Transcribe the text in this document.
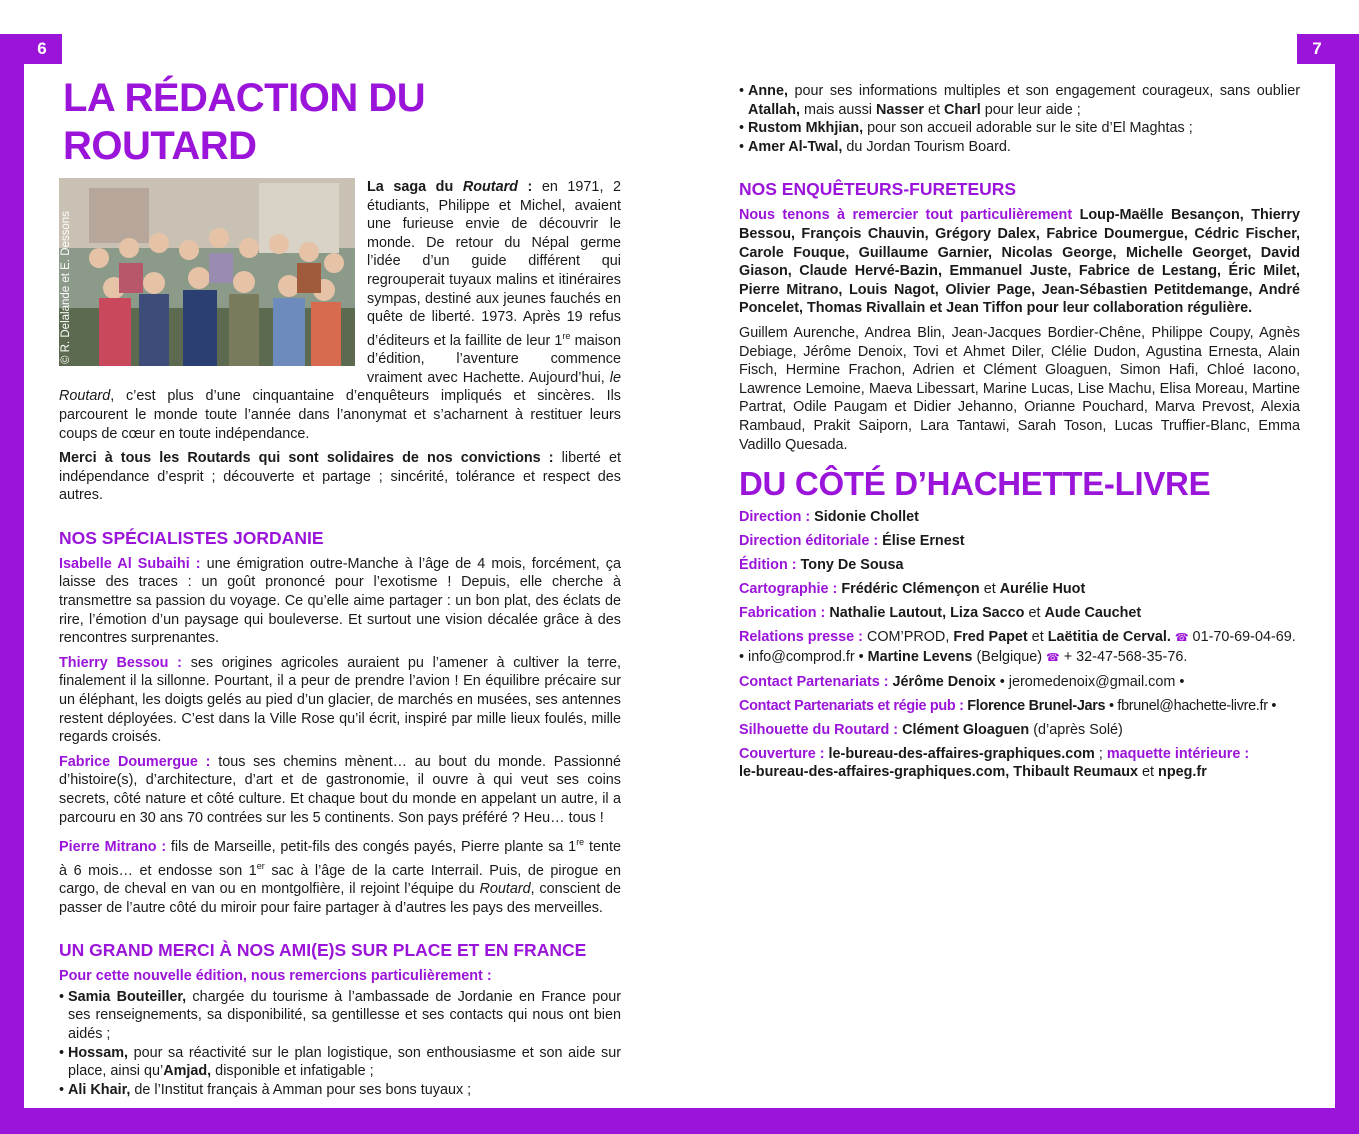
6	7
LA RÉDACTION DU ROUTARD
© R. Delalande et E. Dessons

La saga du Routard : en 1971, 2 étudiants, Philippe et Michel, avaient une furieuse envie de découvrir le monde. De retour du Népal germe l’idée d’un guide différent qui regrouperait tuyaux malins et itinéraires sympas, destiné aux jeunes fauchés en quête de liberté. 1973. Après 19 refus d’éditeurs et la faillite de leur 1re maison d’édition, l’aventure commence vraiment avec Hachette. Aujourd’hui, le Routard, c’est plus d’une cinquantaine d’enquêteurs impliqués et sincères. Ils parcourent le monde toute l’année dans l’anonymat et s’acharnent à restituer leurs coups de cœur en toute indépendance.

Merci à tous les Routards qui sont solidaires de nos convictions : liberté et indépendance d’esprit ; découverte et partage ; sincérité, tolérance et respect des autres.

NOS SPÉCIALISTES JORDANIE

Isabelle Al Subaihi : une émigration outre-Manche à l’âge de 4 mois, forcément, ça laisse des traces : un goût prononcé pour l’exotisme ! Depuis, elle cherche à transmettre sa passion du voyage. Ce qu’elle aime partager : un bon plat, des éclats de rire, l’émotion d’un paysage qui bouleverse. Et surtout une vision décalée grâce à des rencontres surprenantes.

Thierry Bessou : ses origines agricoles auraient pu l’amener à cultiver la terre, finalement il la sillonne. Pourtant, il a peur de prendre l’avion ! En équilibre précaire sur un éléphant, les doigts gelés au pied d’un glacier, de marchés en musées, ses antennes restent déployées. C’est dans la Ville Rose qu’il écrit, inspiré par mille lieux foulés, mille regards croisés.

Fabrice Doumergue : tous ses chemins mènent… au bout du monde. Passionné d’histoire(s), d’architecture, d’art et de gastronomie, il ouvre à qui veut ses coins secrets, côté nature et côté culture. Et chaque bout du monde en appelant un autre, il a parcouru en 30 ans 70 contrées sur les 5 continents. Son pays préféré ? Heu… tous !

Pierre Mitrano : fils de Marseille, petit-fils des congés payés, Pierre plante sa 1re tente à 6 mois… et endosse son 1er sac à l’âge de la carte Interrail. Puis, de pirogue en cargo, de cheval en van ou en montgolfière, il rejoint l’équipe du Routard, conscient de passer de l’autre côté du miroir pour faire partager à d’autres les pays des merveilles.

UN GRAND MERCI À NOS AMI(E)S SUR PLACE ET EN FRANCE
Pour cette nouvelle édition, nous remercions particulièrement :
• Samia Bouteiller, chargée du tourisme à l’ambassade de Jordanie en France pour ses renseignements, sa disponibilité, sa gentillesse et ses contacts qui nous ont bien aidés ;
• Hossam, pour sa réactivité sur le plan logistique, son enthousiasme et son aide sur place, ainsi qu’Amjad, disponible et infatigable ;
• Ali Khair, de l’Institut français à Amman pour ses bons tuyaux ;
• Anne, pour ses informations multiples et son engagement courageux, sans oublier Atallah, mais aussi Nasser et Charl pour leur aide ;
• Rustom Mkhjian, pour son accueil adorable sur le site d’El Maghtas ;
• Amer Al-Twal, du Jordan Tourism Board.
NOS ENQUÊTEURS-FURETEURS

Nous tenons à remercier tout particulièrement Loup-Maëlle Besançon, Thierry Bessou, François Chauvin, Grégory Dalex, Fabrice Doumergue, Cédric Fischer, Carole Fouque, Guillaume Garnier, Nicolas George, Michelle Georget, David Giason, Claude Hervé-Bazin, Emmanuel Juste, Fabrice de Lestang, Éric Milet, Pierre Mitrano, Louis Nagot, Olivier Page, Jean-Sébastien Petitdemange, André Poncelet, Thomas Rivallain et Jean Tiffon pour leur collaboration régulière.

Guillem Aurenche, Andrea Blin, Jean-Jacques Bordier-Chêne, Philippe Coupy, Agnès Debiage, Jérôme Denoix, Tovi et Ahmet Diler, Clélie Dudon, Agustina Ernesta, Alain Fisch, Hermine Frachon, Adrien et Clément Gloaguen, Simon Hafi, Chloé Iacono, Lawrence Lemoine, Maeva Libessart, Marine Lucas, Lise Machu, Elisa Moreau, Martine Partrat, Odile Paugam et Didier Jehanno, Orianne Pouchard, Marva Prevost, Alexia Rambaud, Prakit Saiporn, Lara Tantawi, Sarah Toson, Lucas Truffier-Blanc, Emma Vadillo Quesada.

DU CÔTÉ D’HACHETTE-LIVRE

Direction : Sidonie Chollet

Direction éditoriale : Élise Ernest

Édition : Tony De Sousa

Cartographie : Frédéric Clémençon et Aurélie Huot

Fabrication : Nathalie Lautout, Liza Sacco et Aude Cauchet

Relations presse : COM’PROD, Fred Papet et Laëtitia de Cerval. ☎ 01-70-69-04-69.
• info@comprod.fr • Martine Levens (Belgique) ☎ + 32-47-568-35-76.

Contact Partenariats : Jérôme Denoix • jeromedenoix@gmail.com •

Contact Partenariats et régie pub : Florence Brunel-Jars • fbrunel@hachette-livre.fr •

Silhouette du Routard : Clément Gloaguen (d’après Solé)

Couverture : le-bureau-des-affaires-graphiques.com ; maquette intérieure :
le-bureau-des-affaires-graphiques.com, Thibault Reumaux et npeg.fr
